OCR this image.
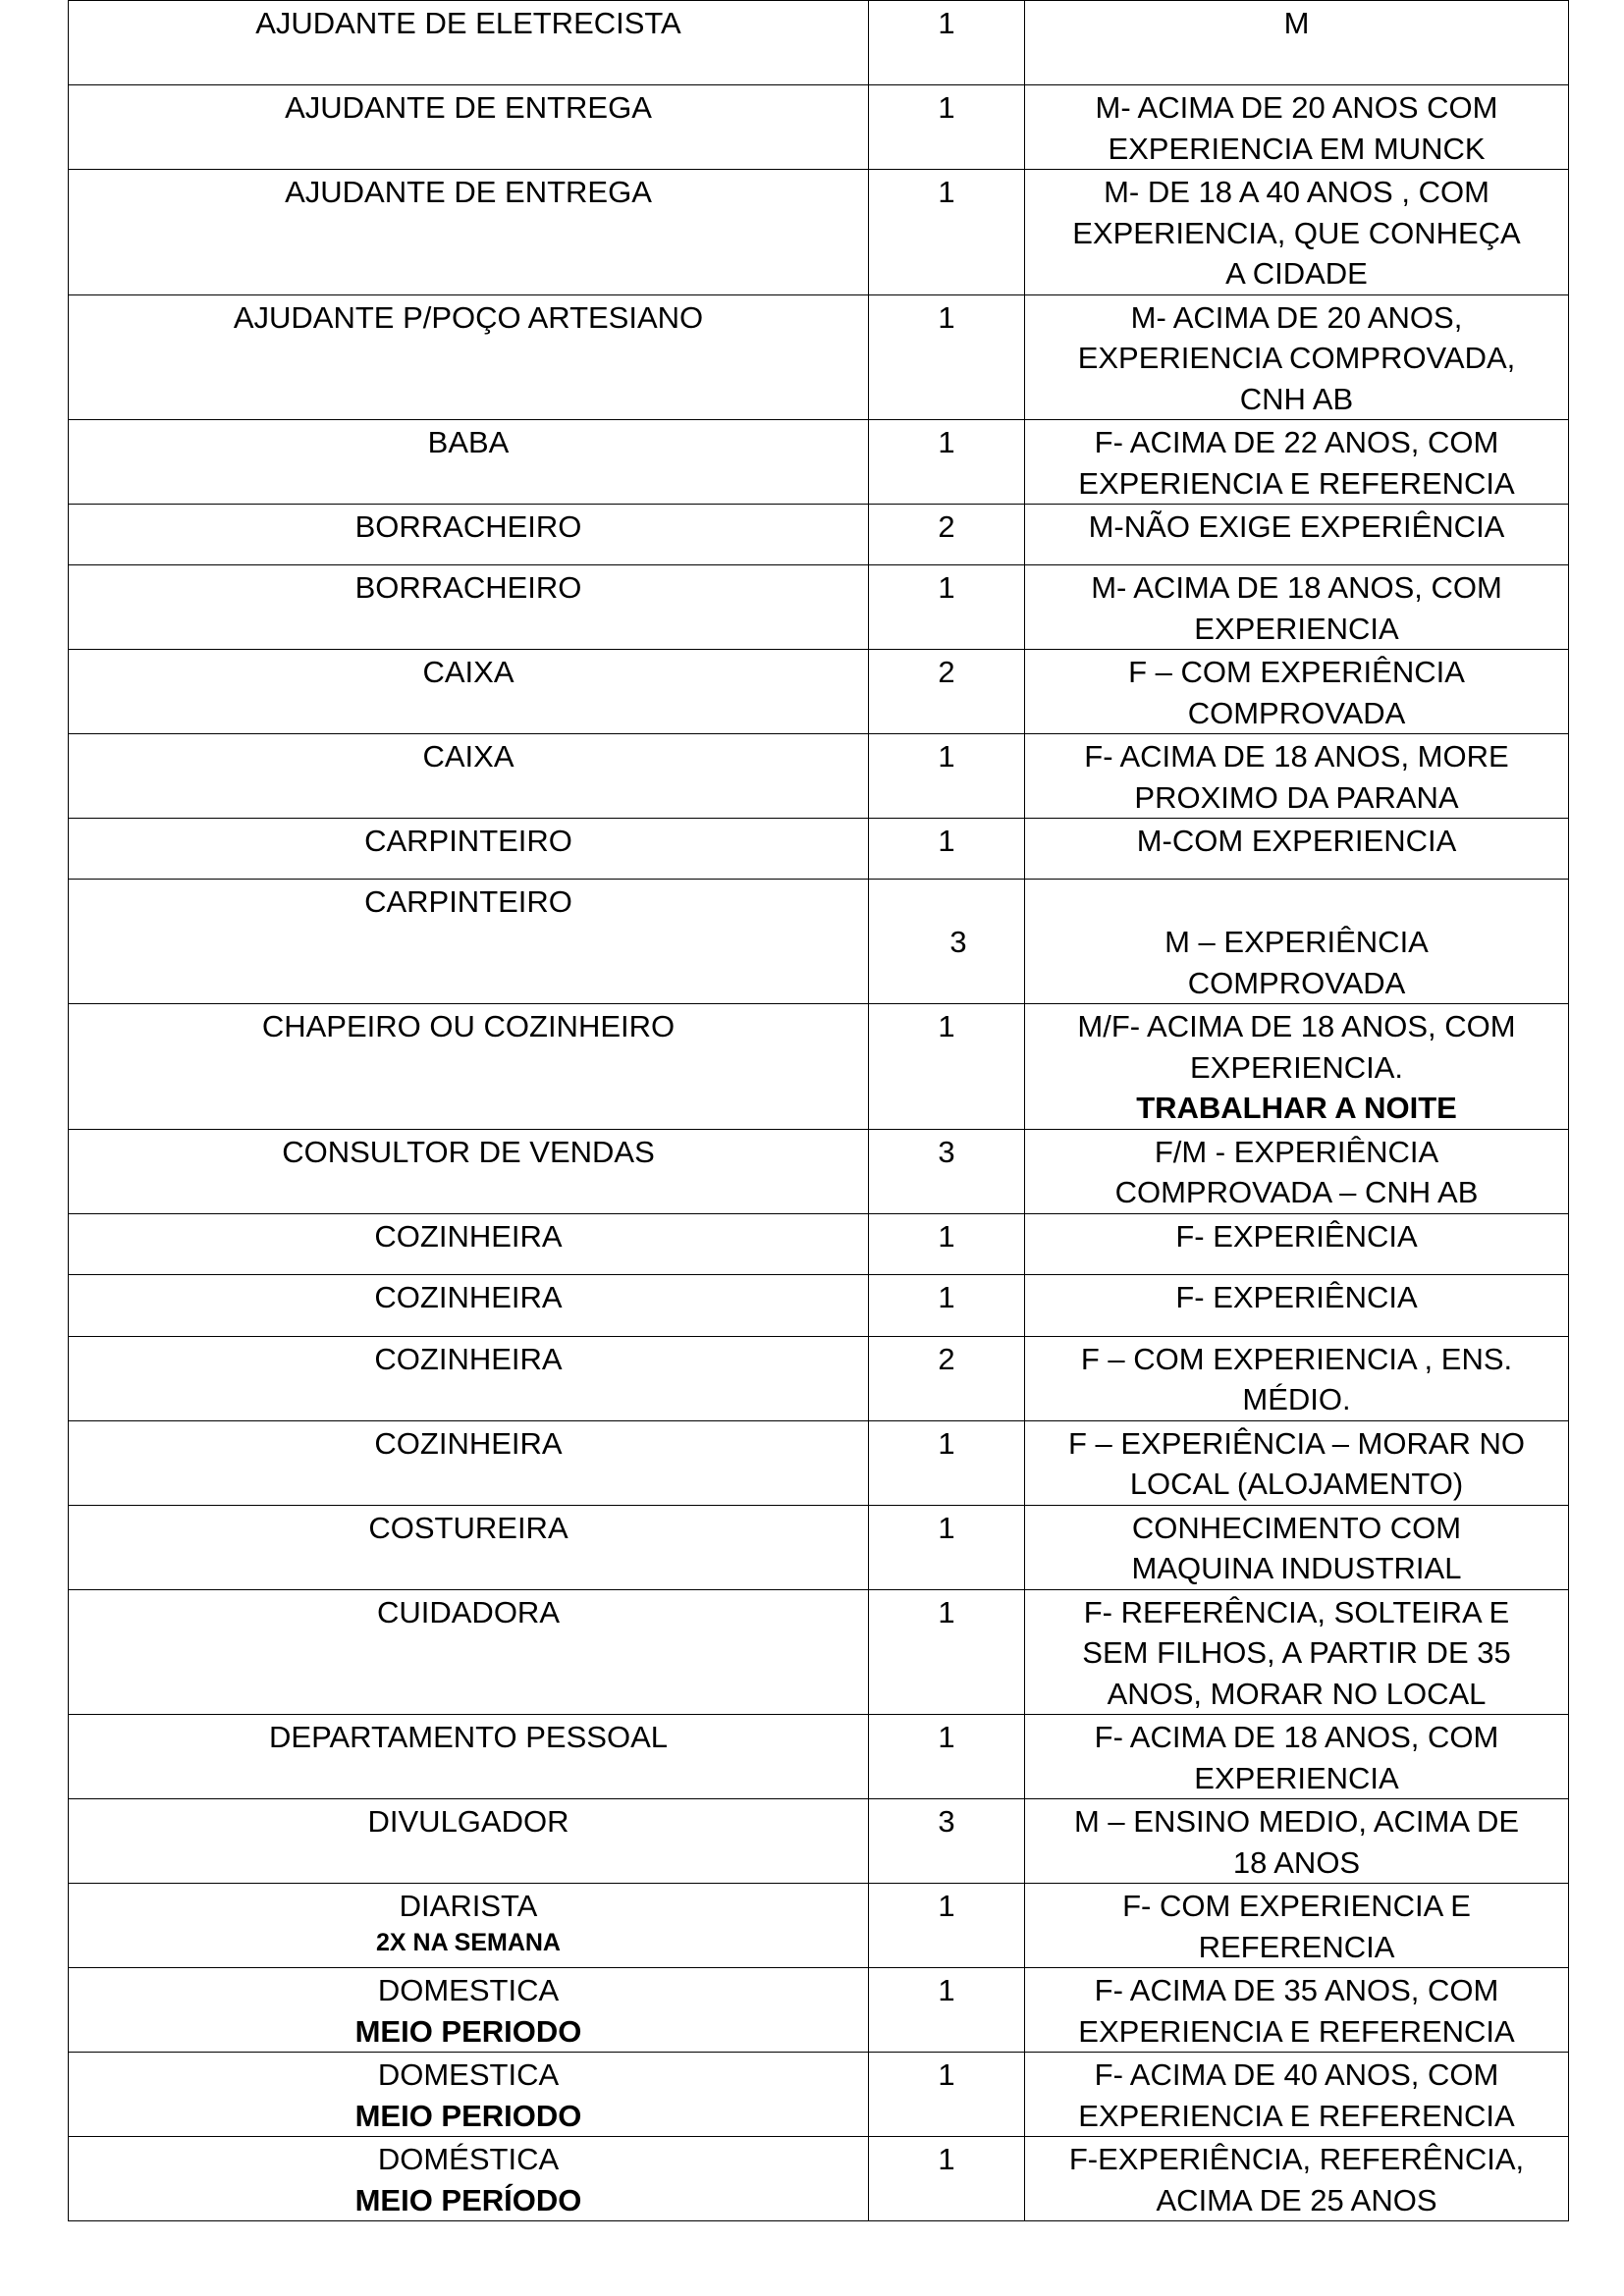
AJUDANTE DE ELETRECISTA	1	M
AJUDANTE DE ENTREGA	1	M- ACIMA DE 20 ANOS COM
EXPERIENCIA EM MUNCK
AJUDANTE DE ENTREGA	1	M- DE 18 A 40 ANOS , COM
EXPERIENCIA, QUE CONHEÇA
A CIDADE
AJUDANTE P/POÇO ARTESIANO	1	M- ACIMA DE 20 ANOS,
EXPERIENCIA COMPROVADA,
CNH AB
BABA	1	F- ACIMA DE 22 ANOS, COM
EXPERIENCIA E REFERENCIA
BORRACHEIRO	2	M-NÃO EXIGE EXPERIÊNCIA
BORRACHEIRO	1	M- ACIMA DE 18 ANOS, COM
EXPERIENCIA
CAIXA	2	F – COM EXPERIÊNCIA
COMPROVADA
CAIXA	1	F- ACIMA DE 18 ANOS, MORE
PROXIMO DA PARANA
CARPINTEIRO	1	M-COM EXPERIENCIA
CARPINTEIRO	3	M – EXPERIÊNCIA
COMPROVADA
CHAPEIRO OU COZINHEIRO	1	M/F- ACIMA DE 18 ANOS, COM
EXPERIENCIA.
TRABALHAR A NOITE

CONSULTOR DE VENDAS	3	F/M - EXPERIÊNCIA
COMPROVADA – CNH AB
COZINHEIRA	1	F- EXPERIÊNCIA
COZINHEIRA	1	F- EXPERIÊNCIA
COZINHEIRA	2	F – COM EXPERIENCIA , ENS.
MÉDIO.
COZINHEIRA	1	F – EXPERIÊNCIA – MORAR NO
LOCAL (ALOJAMENTO)
COSTUREIRA	1	CONHECIMENTO COM
MAQUINA INDUSTRIAL
CUIDADORA	1	F- REFERÊNCIA, SOLTEIRA E
SEM FILHOS, A PARTIR DE 35
ANOS, MORAR NO LOCAL
DEPARTAMENTO PESSOAL	1	F- ACIMA DE 18 ANOS, COM
EXPERIENCIA
DIVULGADOR	3	M – ENSINO MEDIO, ACIMA DE
18 ANOS
DIARISTA
2X NA SEMANA	1	F- COM EXPERIENCIA E
REFERENCIA
DOMESTICA
MEIO PERIODO	1	F- ACIMA DE 35 ANOS, COM
EXPERIENCIA E REFERENCIA
DOMESTICA
MEIO PERIODO	1	F- ACIMA DE 40 ANOS, COM
EXPERIENCIA E REFERENCIA
DOMÉSTICA
MEIO PERÍODO	1	F-EXPERIÊNCIA, REFERÊNCIA,
ACIMA DE 25 ANOS
